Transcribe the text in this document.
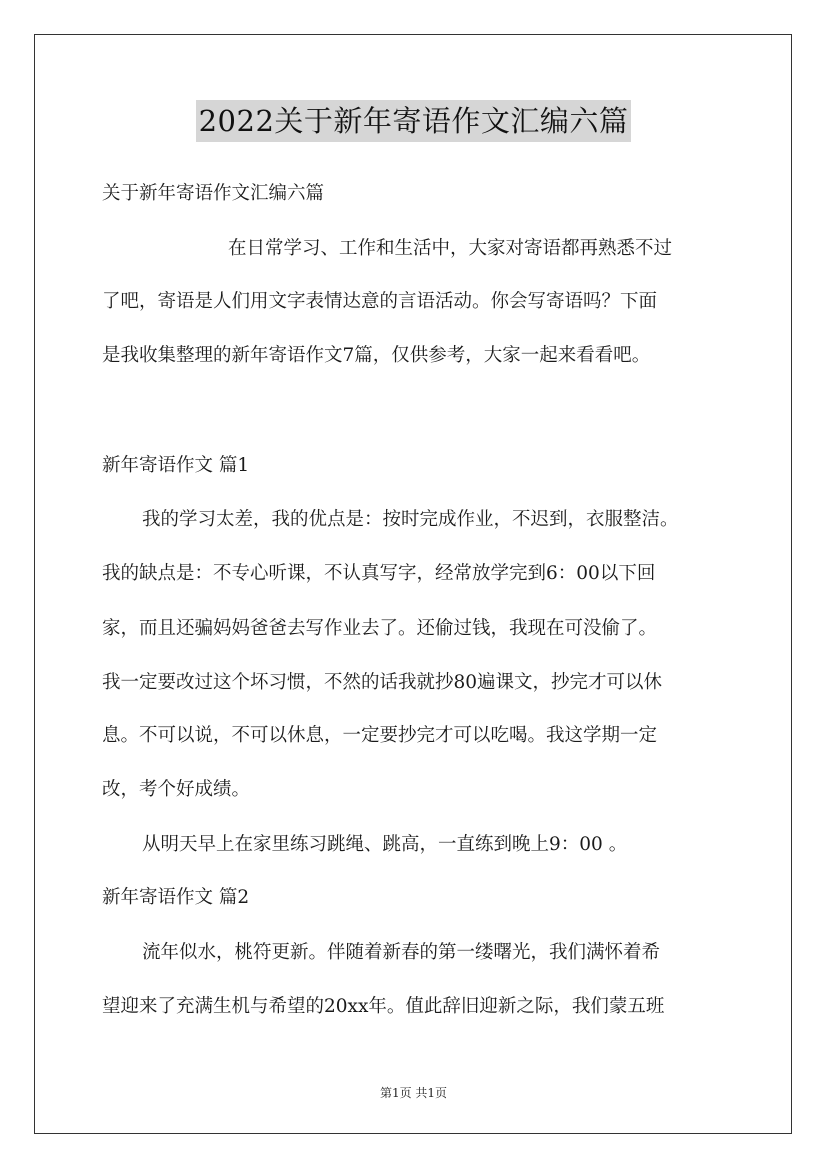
2022关于新年寄语作文汇编六篇
关于新年寄语作文汇编六篇
在日常学习、工作和生活中，大家对寄语都再熟悉不过
了吧，寄语是人们用文字表情达意的言语活动。你会写寄语吗？下面
是我收集整理的新年寄语作文7篇，仅供参考，大家一起来看看吧。
新年寄语作文 篇1
我的学习太差，我的优点是：按时完成作业，不迟到，衣服整洁。
我的缺点是：不专心听课，不认真写字，经常放学完到6：00以下回
家，而且还骗妈妈爸爸去写作业去了。还偷过钱，我现在可没偷了。
我一定要改过这个坏习惯，不然的话我就抄80遍课文，抄完才可以休
息。不可以说，不可以休息，一定要抄完才可以吃喝。我这学期一定
改，考个好成绩。
从明天早上在家里练习跳绳、跳高，一直练到晚上9：00 。
新年寄语作文 篇2
流年似水，桃符更新。伴随着新春的第一缕曙光，我们满怀着希
望迎来了充满生机与希望的20xx年。值此辞旧迎新之际，我们蒙五班
第1页 共1页
